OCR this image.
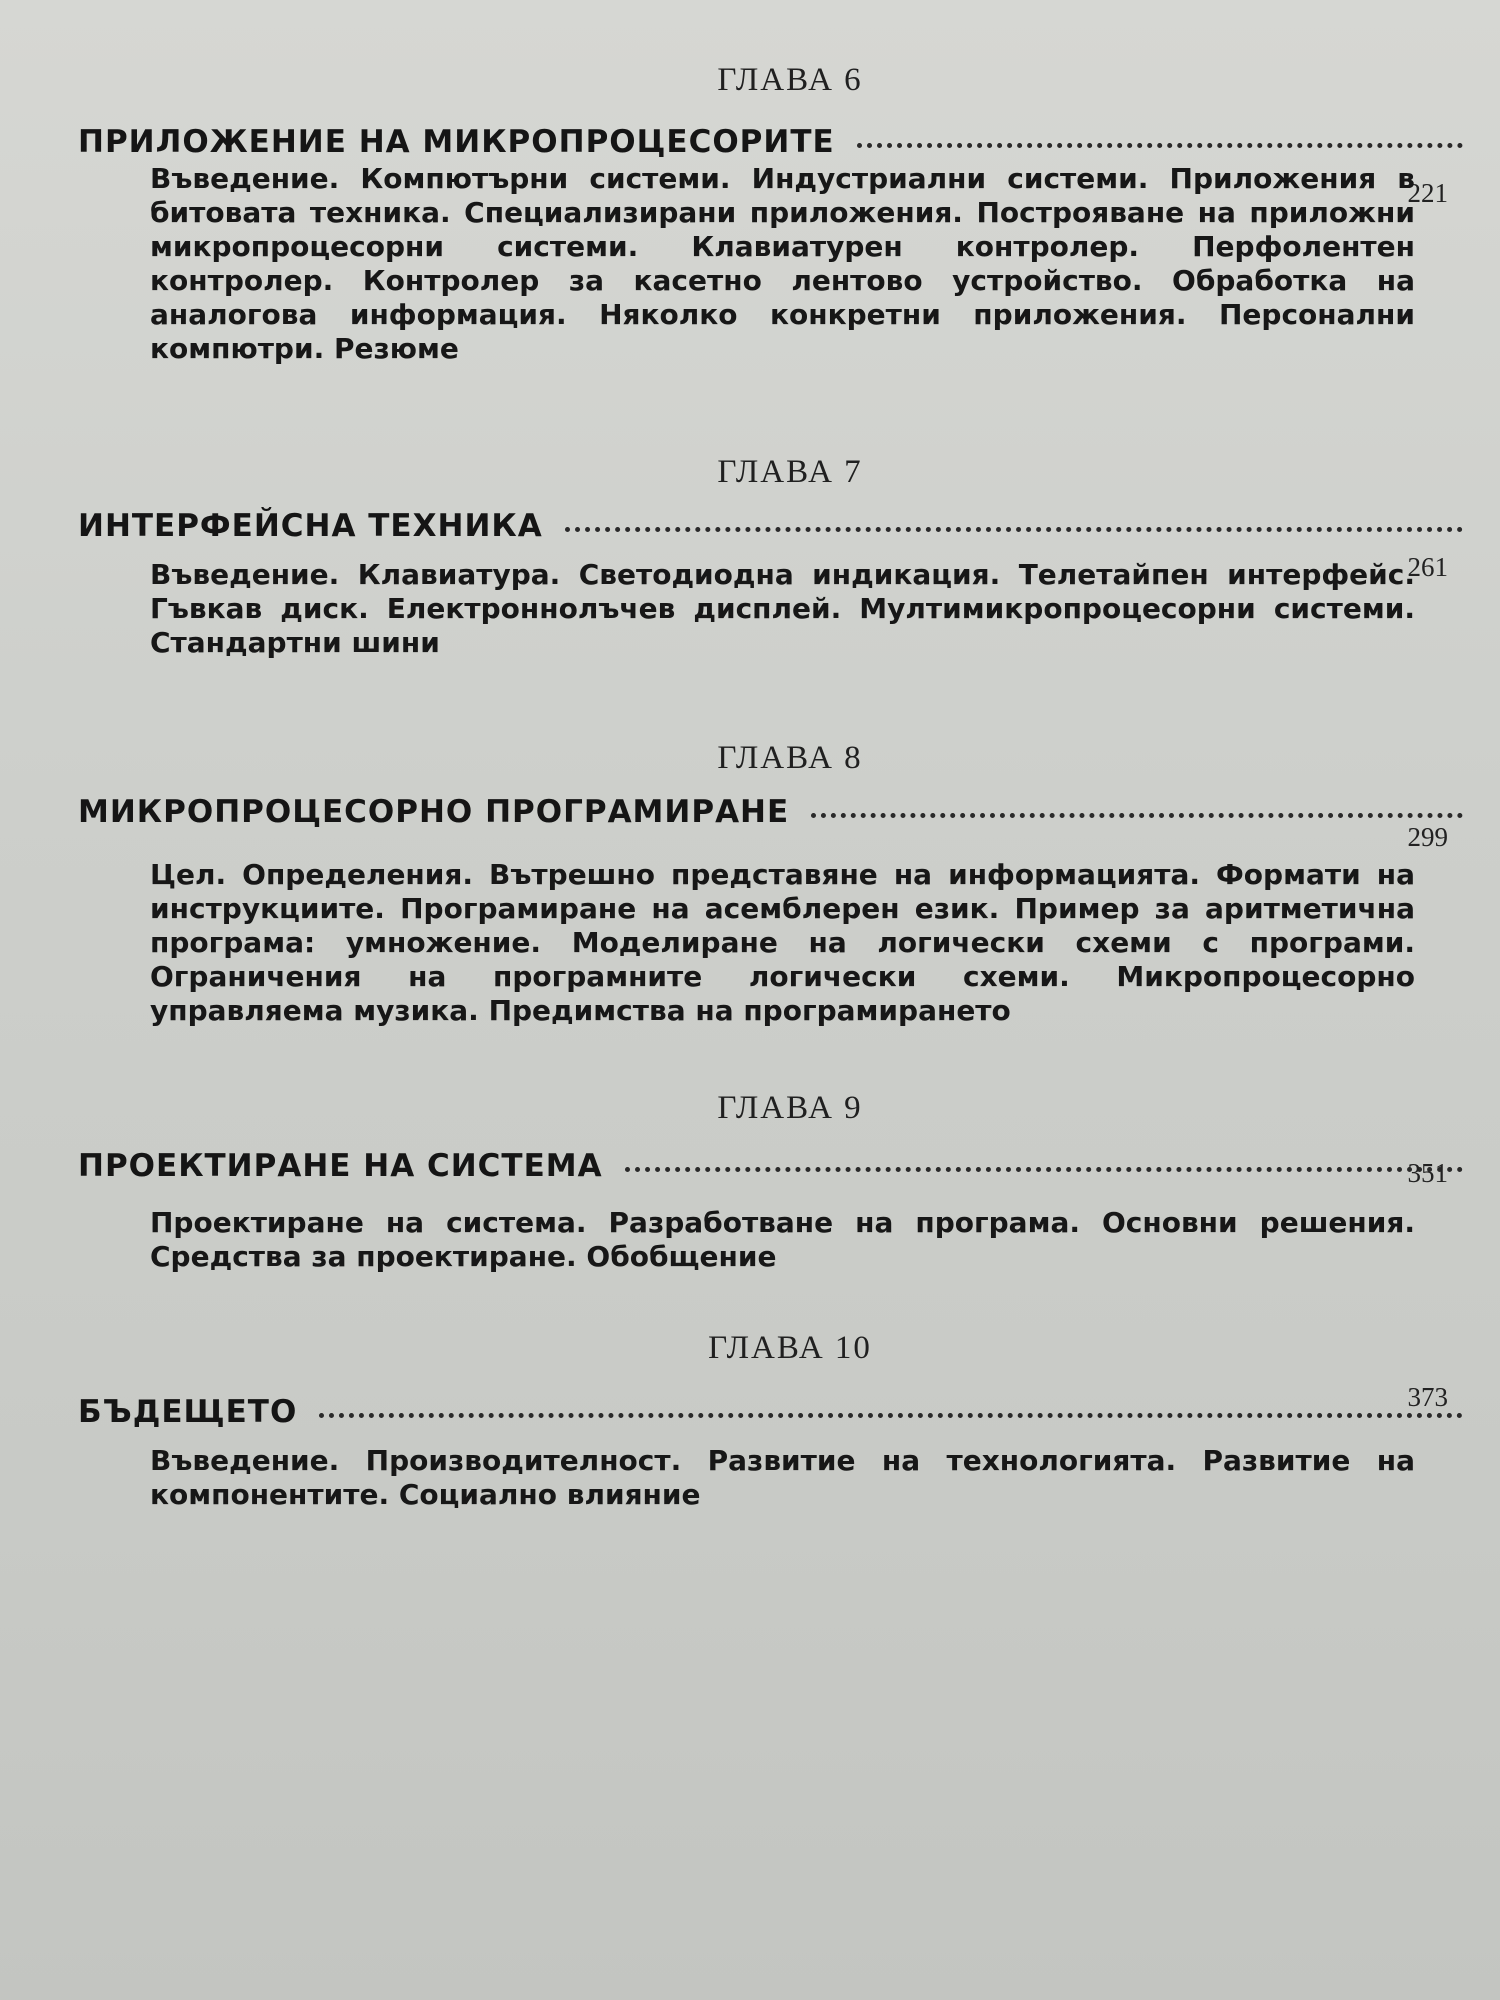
ГЛАВА 6
ПРИЛОЖЕНИЕ НА МИКРОПРОЦЕСОРИТЕ
221
Въведение. Компютърни системи. Индустриални системи. Приложения в битовата техника. Специализирани приложения. Построяване на приложни микропроцесорни системи. Клавиатурен контролер. Перфолентен контролер. Контролер за касетно лентово устройство. Обработка на аналогова информация. Няколко конкретни приложения. Персонални компютри. Резюме
ГЛАВА 7
ИНТЕРФЕЙСНА ТЕХНИКА
261
Въведение. Клавиатура. Светодиодна индикация. Телетайпен интерфейс. Гъвкав диск. Електроннолъчев дисплей. Мултимикропроцесорни системи. Стандартни шини
ГЛАВА 8
МИКРОПРОЦЕСОРНО ПРОГРАМИРАНЕ
299
Цел. Определения. Вътрешно представяне на информацията. Формати на инструкциите. Програмиране на асемблерен език. Пример за аритметична програма: умножение. Моделиране на логически схеми с програми. Ограничения на програмните логически схеми. Микропроцесорно управляема музика. Предимства на програмирането
ГЛАВА 9
ПРОЕКТИРАНЕ НА СИСТЕМА	351
Проектиране на система. Разработване на програма. Основни решения. Средства за проектиране. Обобщение
ГЛАВА 10
БЪДЕЩЕТО	373
Въведение. Производителност. Развитие на технологията. Развитие на компонентите. Социално влияние
